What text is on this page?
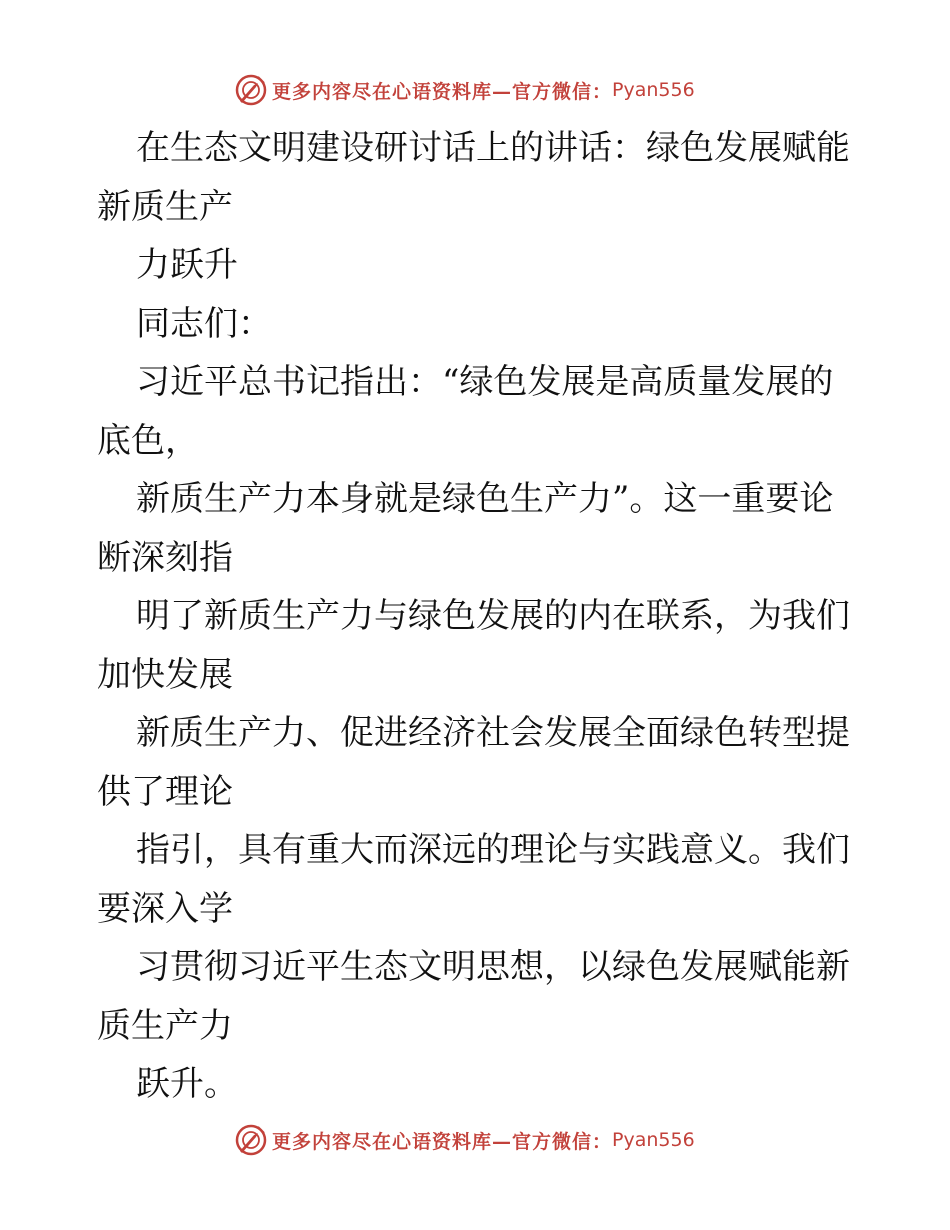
更多内容尽在心语资料库—官方微信： Pyan556
在生态文明建设研讨话上的讲话：绿色发展赋能
新质生产
力跃升
同志们：
习近平总书记指出：“绿色发展是高质量发展的
底色，
新质生产力本身就是绿色生产力”。这一重要论
断深刻指
明了新质生产力与绿色发展的内在联系，为我们
加快发展
新质生产力、促进经济社会发展全面绿色转型提
供了理论
指引，具有重大而深远的理论与实践意义。我们
要深入学
习贯彻习近平生态文明思想，以绿色发展赋能新
质生产力
跃升。
更多内容尽在心语资料库—官方微信： Pyan556
